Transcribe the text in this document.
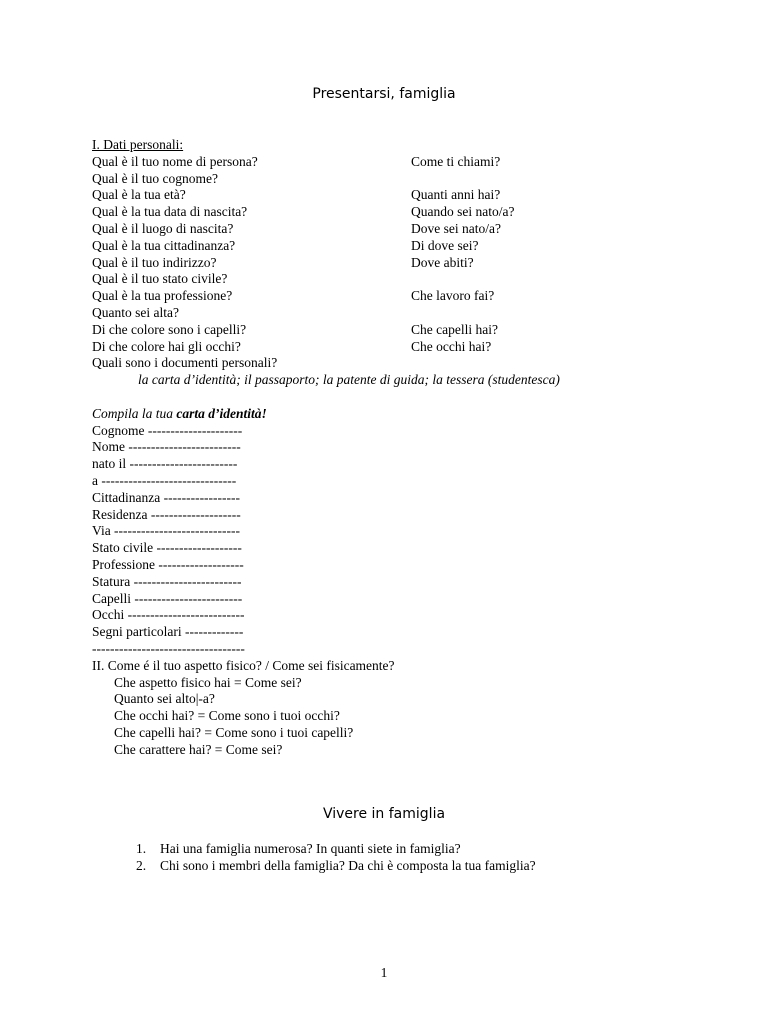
Presentarsi, famiglia
I. Dati personali:
Qual è il tuo nome di persona?	Come ti chiami?
Qual è il tuo cognome?
Qual è la tua età?	Quanti anni hai?
Qual è la tua data di nascita?	Quando sei nato/a?
Qual è il luogo di nascita?	Dove sei nato/a?
Qual è la tua cittadinanza?	Di dove sei?
Qual è il tuo indirizzo?	Dove abiti?
Qual è il tuo stato civile?
Qual è la tua professione?	Che lavoro fai?
Quanto sei alta?
Di che colore sono i capelli?	Che capelli hai?
Di che colore hai gli occhi?	Che occhi hai?
Quali sono i documenti personali?
la carta d’identità; il passaporto; la patente di guida; la tessera (studentesca)
Compila la tua carta d’identità!
Cognome ---------------------
Nome -------------------------
nato il ------------------------
a ------------------------------
Cittadinanza -----------------
Residenza --------------------
Via ----------------------------
Stato civile -------------------
Professione -------------------
Statura ------------------------
Capelli ------------------------
Occhi --------------------------
Segni particolari -------------
----------------------------------
II. Come é il tuo aspetto fisico? / Come sei fisicamente?
Che aspetto fisico hai = Come sei?
Quanto sei alto|-a?
Che occhi hai? = Come sono i tuoi occhi?
Che capelli hai? = Come sono i tuoi capelli?
Che carattere hai? = Come sei?
Vivere in famiglia
1. Hai una famiglia numerosa? In quanti siete in famiglia?
2. Chi sono i membri della famiglia? Da chi è composta la tua famiglia?
1
